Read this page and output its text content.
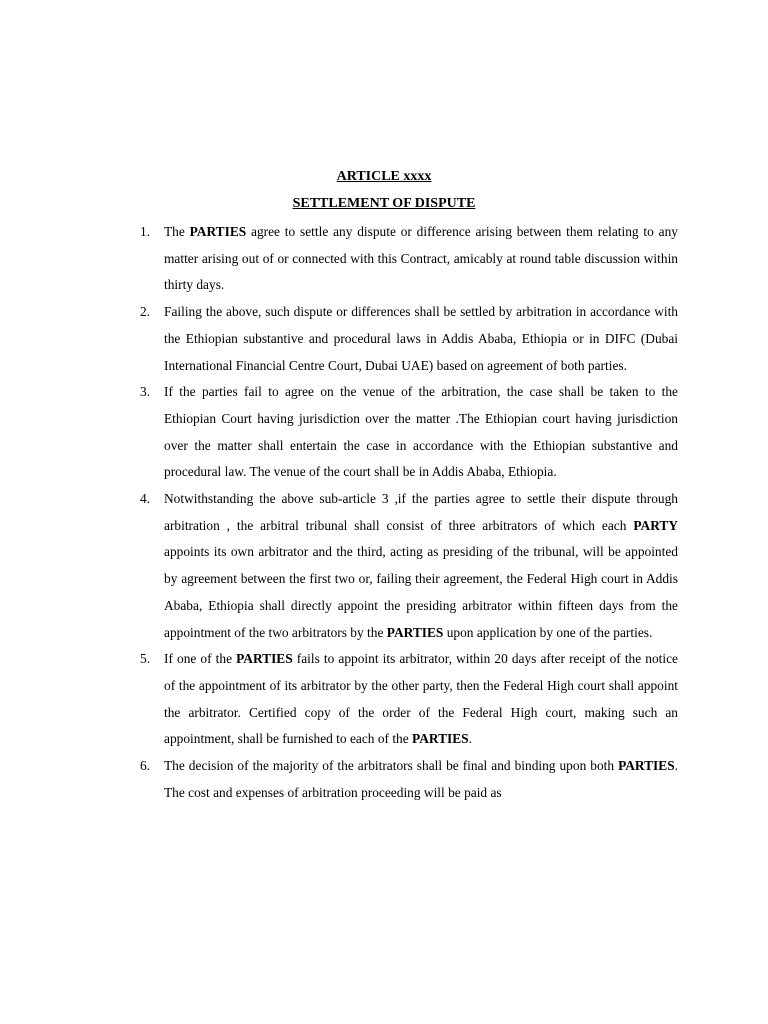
ARTICLE xxxx
SETTLEMENT OF DISPUTE
1.	The PARTIES agree to settle any dispute or difference arising between them relating to any matter arising out of or connected with this Contract, amicably at round table discussion within thirty days.
2.	Failing the above, such dispute or differences shall be settled by arbitration in accordance with the Ethiopian substantive and procedural laws in Addis Ababa, Ethiopia or in DIFC (Dubai International Financial Centre Court, Dubai UAE) based on agreement of both parties.
3.	If the parties fail to agree on the venue of the arbitration, the case shall be taken to the Ethiopian Court having jurisdiction over the matter .The Ethiopian court having jurisdiction over the matter shall entertain the case in accordance with the Ethiopian substantive and procedural law. The venue of the court shall be in Addis Ababa, Ethiopia.
4.	Notwithstanding the above sub-article 3 ,if the parties agree to settle their dispute through arbitration , the arbitral tribunal shall consist of three arbitrators of which each PARTY appoints its own arbitrator and the third, acting as presiding of the tribunal, will be appointed by agreement between the first two or, failing their agreement, the Federal High court in Addis Ababa, Ethiopia shall directly appoint the presiding arbitrator within fifteen days from the appointment of the two arbitrators by the PARTIES upon application by one of the parties.
5.	If one of the PARTIES fails to appoint its arbitrator, within 20 days after receipt of the notice of the appointment of its arbitrator by the other party, then the Federal High court shall appoint the arbitrator. Certified copy of the order of the Federal High court, making such an appointment, shall be furnished to each of the PARTIES.
6.	The decision of the majority of the arbitrators shall be final and binding upon both PARTIES. The cost and expenses of arbitration proceeding will be paid as
